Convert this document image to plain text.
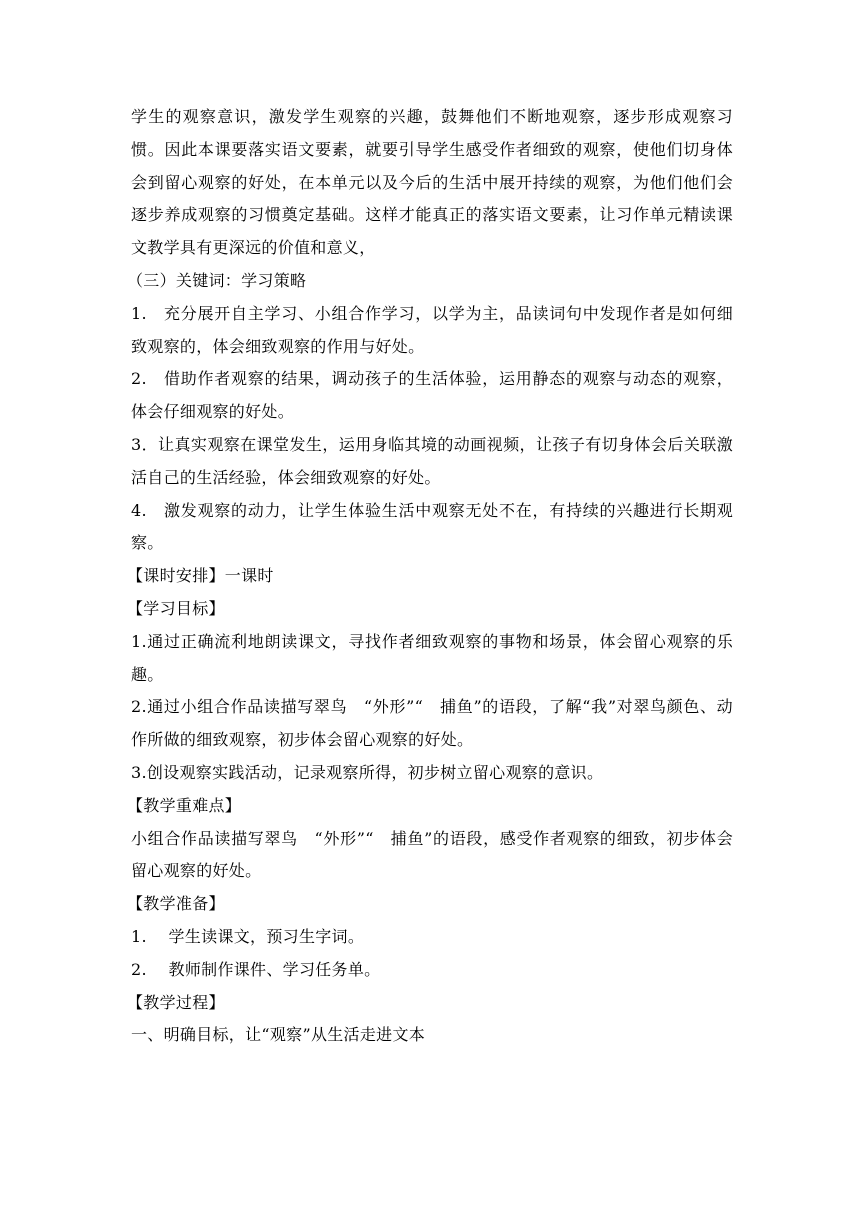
学生的观察意识，激发学生观察的兴趣，鼓舞他们不断地观察，逐步形成观察习惯。因此本课要落实语文要素，就要引导学生感受作者细致的观察，使他们切身体会到留心观察的好处，在本单元以及今后的生活中展开持续的观察，为他们他们会逐步养成观察的习惯奠定基础。这样才能真正的落实语文要素，让习作单元精读课文教学具有更深远的价值和意义，

（三）关键词：学习策略

1.　充分展开自主学习、小组合作学习，以学为主，品读词句中发现作者是如何细致观察的，体会细致观察的作用与好处。

2.　借助作者观察的结果，调动孩子的生活体验，运用静态的观察与动态的观察，体会仔细观察的好处。

3．让真实观察在课堂发生，运用身临其境的动画视频，让孩子有切身体会后关联激活自己的生活经验，体会细致观察的好处。

4.　激发观察的动力，让学生体验生活中观察无处不在，有持续的兴趣进行长期观察。

【课时安排】一课时

【学习目标】

1.通过正确流利地朗读课文，寻找作者细致观察的事物和场景，体会留心观察的乐趣。

2.通过小组合作品读描写翠鸟　“外形”“　捕鱼”的语段，了解“我”对翠鸟颜色、动作所做的细致观察，初步体会留心观察的好处。

3.创设观察实践活动，记录观察所得，初步树立留心观察的意识。

【教学重难点】

小组合作品读描写翠鸟　“外形”“　捕鱼”的语段，感受作者观察的细致，初步体会留心观察的好处。

【教学准备】

1.　 学生读课文，预习生字词。

2.　 教师制作课件、学习任务单。

【教学过程】

一、明确目标，让“观察”从生活走进文本
